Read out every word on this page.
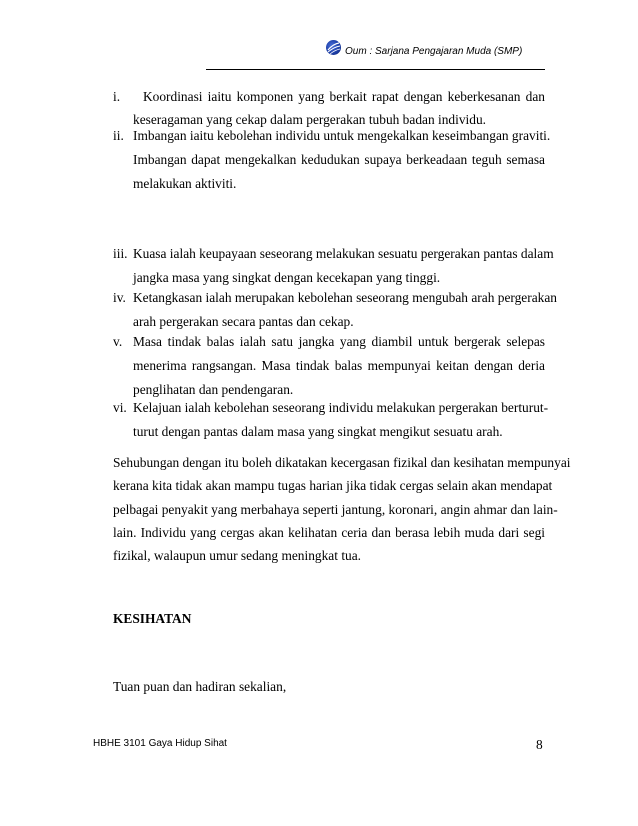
Oum : Sarjana Pengajaran Muda (SMP)
i. Koordinasi iaitu komponen yang berkait rapat dengan keberkesanan dan
keseragaman yang cekap dalam pergerakan tubuh badan individu.
ii. Imbangan iaitu kebolehan individu untuk mengekalkan keseimbangan graviti.
Imbangan dapat mengekalkan kedudukan supaya berkeadaan teguh semasa
melakukan aktiviti.
iii. Kuasa ialah keupayaan seseorang melakukan sesuatu pergerakan pantas dalam
jangka masa yang singkat dengan kecekapan yang tinggi.
iv. Ketangkasan ialah merupakan kebolehan seseorang mengubah arah pergerakan
arah pergerakan secara pantas dan cekap.
v. Masa tindak balas ialah satu jangka yang diambil untuk bergerak selepas
menerima rangsangan. Masa tindak balas mempunyai keitan dengan deria
penglihatan dan pendengaran.
vi. Kelajuan ialah kebolehan seseorang individu melakukan pergerakan berturut-
turut dengan pantas dalam masa yang singkat mengikut sesuatu arah.
Sehubungan dengan itu boleh dikatakan kecergasan fizikal dan kesihatan mempunyai
kerana kita tidak akan mampu tugas harian jika tidak cergas selain akan mendapat
pelbagai penyakit yang merbahaya seperti jantung, koronari, angin ahmar dan lain-
lain. Individu yang cergas akan kelihatan ceria dan berasa lebih muda dari segi
fizikal, walaupun umur sedang meningkat tua.
KESIHATAN
Tuan puan dan hadiran sekalian,
HBHE 3101 Gaya Hidup Sihat	8
